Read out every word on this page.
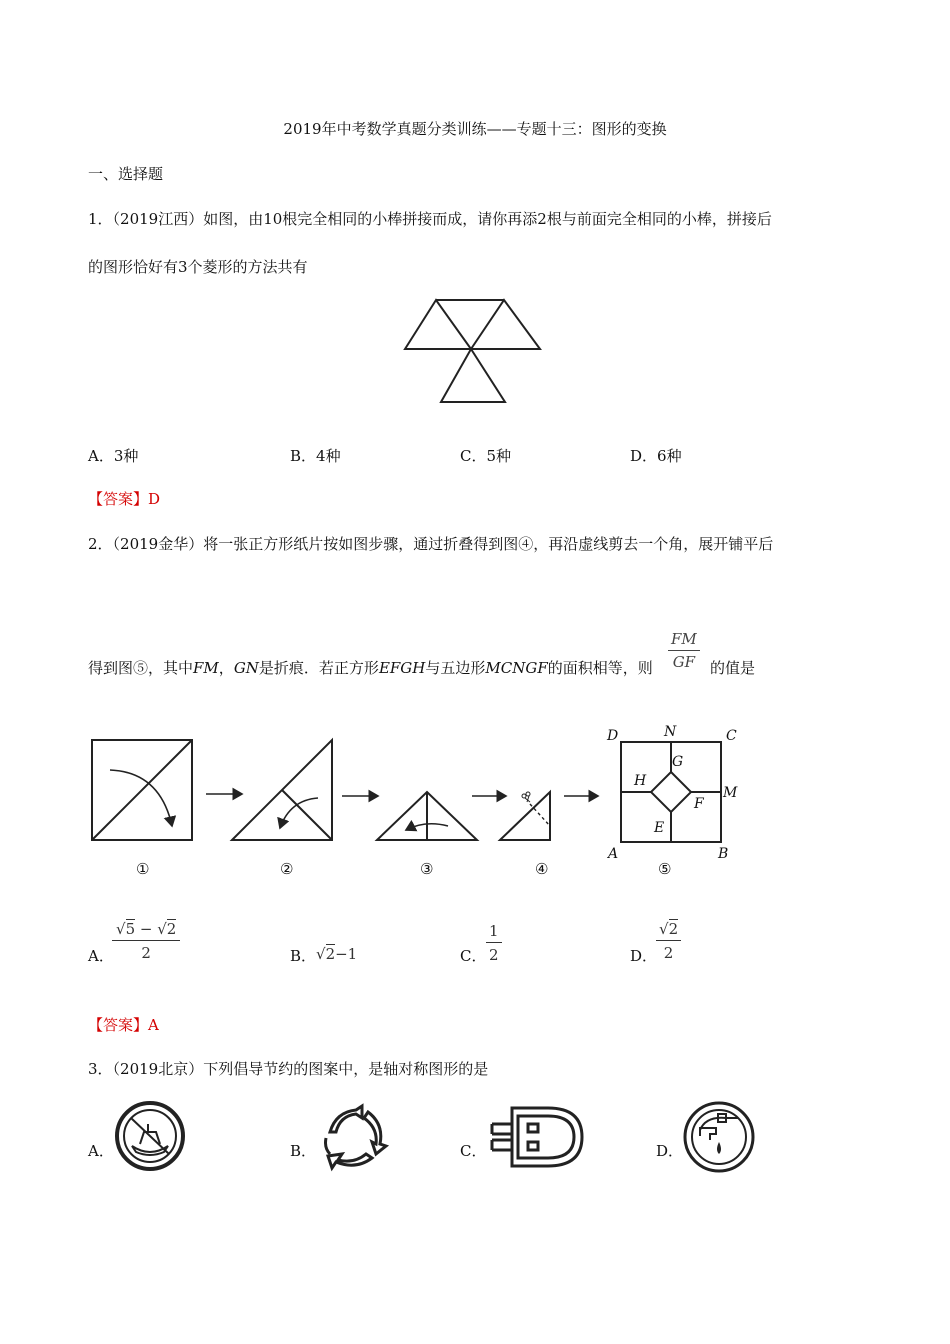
2019年中考数学真题分类训练——专题十三：图形的变换
一、选择题
1．（2019江西）如图，由10根完全相同的小棒拼接而成，请你再添2根与前面完全相同的小棒，拼接后
的图形恰好有3个菱形的方法共有
A．3种	B．4种	C．5种	D．6种
【答案】D
2．（2019金华）将一张正方形纸片按如图步骤，通过折叠得到图④，再沿虚线剪去一个角，展开铺平后
得到图⑤，其中FM，GN是折痕．若正方形EFGH与五边形MCNGF的面积相等，则 $\frac{FM}{GF}$ 的值是
①	②	③	④	⑤
D	N	C
G
H
M
F
E
A	B
A．
$\frac{√5 - √2}{2}$	B． √2−1	C． $\frac{1}{2}$	D．
$\frac{√2}{2}$
【答案】A
3．（2019北京）下列倡导节约的图案中，是轴对称图形的是
A．	B．	C．	D．
